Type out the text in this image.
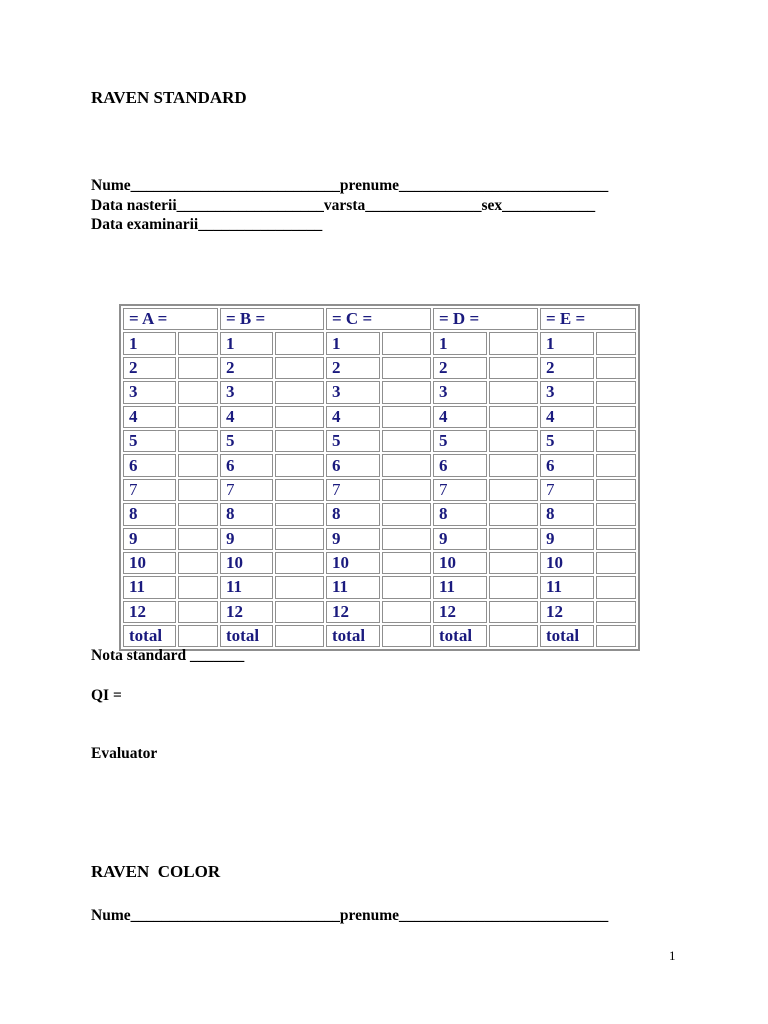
RAVEN STANDARD
Nume___________________________prenume___________________________
Data nasterii___________________varsta_______________sex____________
Data examinarii________________
= A =		= B =		= C =		= D =		= E =	
1		1		1		1		1	
2		2		2		2		2	
3		3		3		3		3	
4		4		4		4		4	
5		5		5		5		5	
6		6		6		6		6	
7		7		7		7		7	
8		8		8		8		8	
9		9		9		9		9	
10		10		10		10		10	
11		11		11		11		11	
12		12		12		12		12	
total		total		total		total		total	
Nota standard _______
QI =
Evaluator
RAVEN  COLOR
Nume___________________________prenume___________________________
1
